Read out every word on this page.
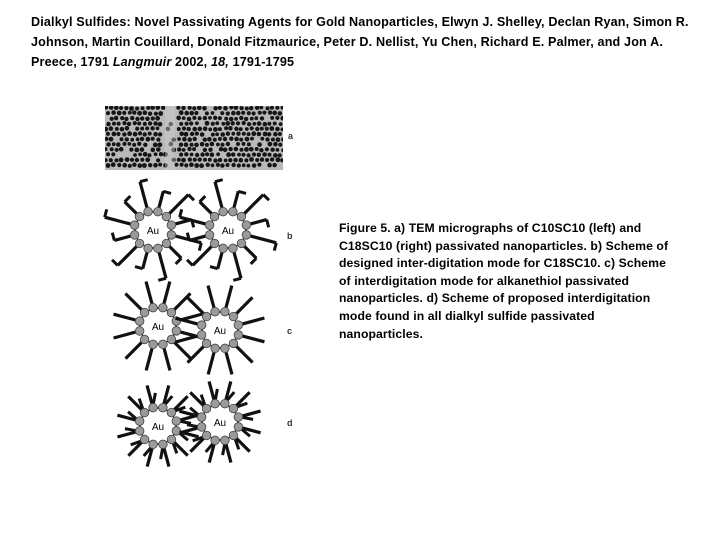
Dialkyl Sulfides: Novel Passivating Agents for Gold Nanoparticles, Elwyn J. Shelley, Declan Ryan, Simon R. Johnson, Martin Couillard, Donald Fitzmaurice, Peter D. Nellist, Yu Chen, Richard E. Palmer, and Jon A. Preece, 1791 Langmuir 2002, 18, 1791-1795
a
Au	Au	b
Au	Au	c
Au	Au	d
Figure 5. a) TEM micrographs of C10SC10 (left) and C18SC10 (right) passivated nanoparticles. b) Scheme of designed inter-digitation mode for C18SC10. c) Scheme of interdigitation mode for alkanethiol passivated nanoparticles. d) Scheme of proposed interdigitation mode found in all dialkyl sulfide passivated nanoparticles.
